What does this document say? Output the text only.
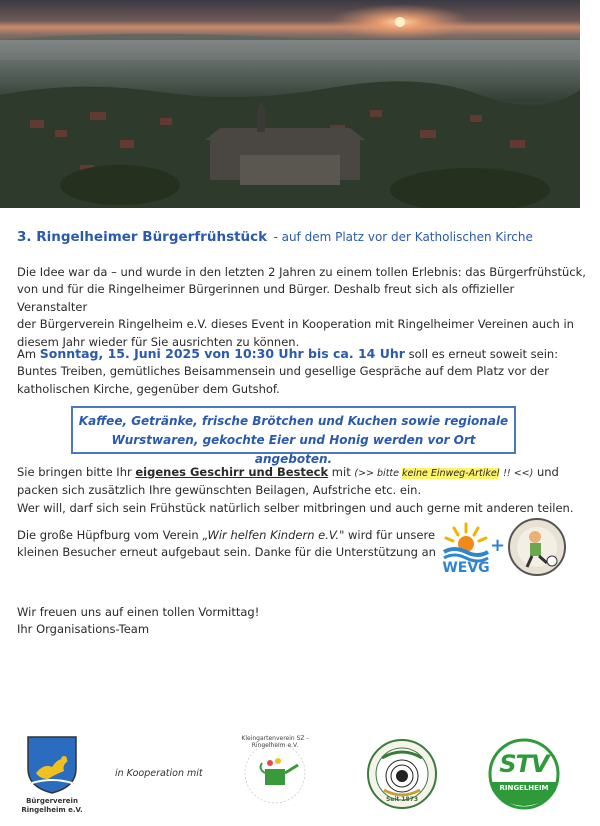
3. Ringelheimer Bürgerfrühstück - auf dem Platz vor der Katholischen Kirche

Die Idee war da – und wurde in den letzten 2 Jahren zu einem tollen Erlebnis: das Bürgerfrühstück,

von und für die Ringelheimer Bürgerinnen und Bürger. Deshalb freut sich als offizieller Veranstalter

der Bürgerverein Ringelheim e.V. dieses Event in Kooperation mit Ringelheimer Vereinen auch in

diesem Jahr wieder für Sie ausrichten zu können.

Am Sonntag, 15. Juni 2025 von 10:30 Uhr bis ca. 14 Uhr soll es erneut soweit sein:

Buntes Treiben, gemütliches Beisammensein und gesellige Gespräche auf dem Platz vor der

katholischen Kirche, gegenüber dem Gutshof.

Kaffee, Getränke, frische Brötchen und Kuchen sowie regionale
Wurstwaren, gekochte Eier und Honig werden vor Ort angeboten.

Sie bringen bitte Ihr eigenes Geschirr und Besteck mit (>> bitte keine Einweg-Artikel !! <<) und

packen sich zusätzlich Ihre gewünschten Beilagen, Aufstriche etc. ein.

Wer will, darf sich sein Frühstück natürlich selber mitbringen und auch gerne mit anderen teilen.

Die große Hüpfburg vom Verein „Wir helfen Kindern e.V." wird für unsere

kleinen Besucher erneut aufgebaut sein. Danke für die Unterstützung an

WEVG
+

Wir freuen uns auf einen tollen Vormittag!

Ihr Organisations-Team

Bürgerverein
Ringelheim e.V.
in Kooperation mit
Kleingartenverein SZ - Ringelheim e.V.
Seit 1873
STV
RINGELHEIM
